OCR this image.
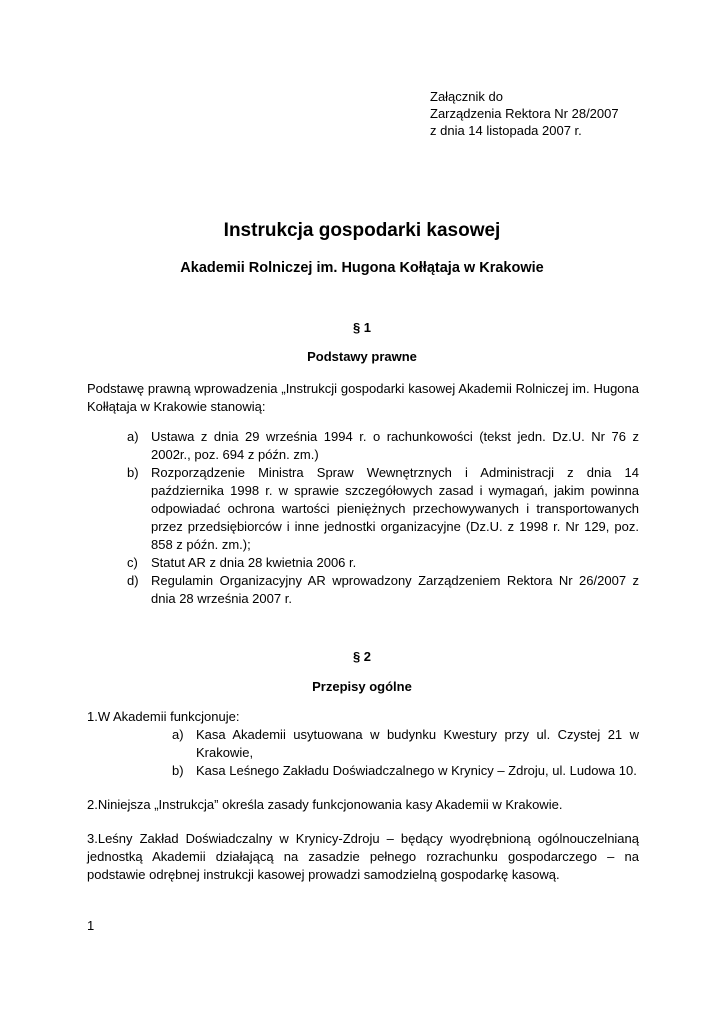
Załącznik do
Zarządzenia Rektora Nr 28/2007
z dnia 14 listopada 2007 r.
Instrukcja gospodarki kasowej
Akademii Rolniczej im. Hugona Kołłątaja w Krakowie
§ 1
Podstawy prawne
Podstawę prawną wprowadzenia „Instrukcji gospodarki kasowej Akademii Rolniczej im. Hugona Kołłątaja w Krakowie stanowią:
a) Ustawa z dnia 29 września 1994 r. o rachunkowości (tekst jedn. Dz.U. Nr 76 z 2002r., poz. 694 z późn. zm.)
b) Rozporządzenie Ministra Spraw Wewnętrznych i Administracji z dnia 14 października 1998 r. w sprawie szczegółowych zasad i wymagań, jakim powinna odpowiadać ochrona wartości pieniężnych przechowywanych i transportowanych przez przedsiębiorców i inne jednostki organizacyjne (Dz.U. z 1998 r. Nr 129, poz. 858 z późn. zm.);
c) Statut AR z dnia 28 kwietnia 2006 r.
d) Regulamin Organizacyjny AR wprowadzony Zarządzeniem Rektora Nr 26/2007 z dnia 28 września 2007 r.
§ 2
Przepisy ogólne
1.W Akademii funkcjonuje:
a) Kasa Akademii usytuowana w budynku Kwestury przy ul. Czystej 21 w Krakowie,
b) Kasa Leśnego Zakładu Doświadczalnego w Krynicy – Zdroju, ul. Ludowa 10.
2.Niniejsza „Instrukcja” określa zasady funkcjonowania kasy Akademii w Krakowie.
3.Leśny Zakład Doświadczalny w Krynicy-Zdroju – będący wyodrębnioną ogólnouczelnianą jednostką Akademii działającą na zasadzie pełnego rozrachunku gospodarczego – na podstawie odrębnej instrukcji kasowej prowadzi samodzielną gospodarkę kasową.
1
